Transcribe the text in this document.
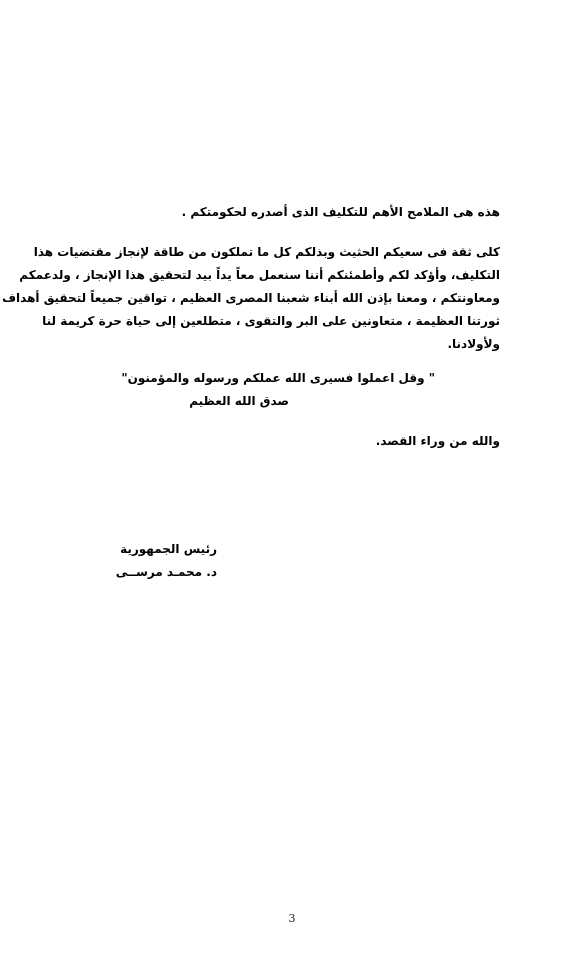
هذه هى الملامح الأهم للتكليف الذى أصدره لحكومتكم .
كلى ثقة فى سعيكم الحثيث وبذلكم كل ما تملكون من طاقة لإنجاز مقتضيات هذا
التكليف، وأؤكد لكم وأطمئنكم أننا سنعمل معاً يداً بيد لتحقيق هذا الإنجاز ، ولدعمكم
ومعاونتكم ، ومعنا بإذن الله أبناء شعبنا المصرى العظيم ، تواقين جميعاً لتحقيق أهداف
ثورتنا العظيمة ، متعاونين على البر والتقوى ، متطلعين إلى حياة حرة كريمة لنا
ولأولادنا.
" وقل اعملوا فسيرى الله عملكم ورسوله والمؤمنون"
صدق الله العظيم
والله من وراء القصد.
رئيس الجمهورية
د. محمـد مرســى
3
